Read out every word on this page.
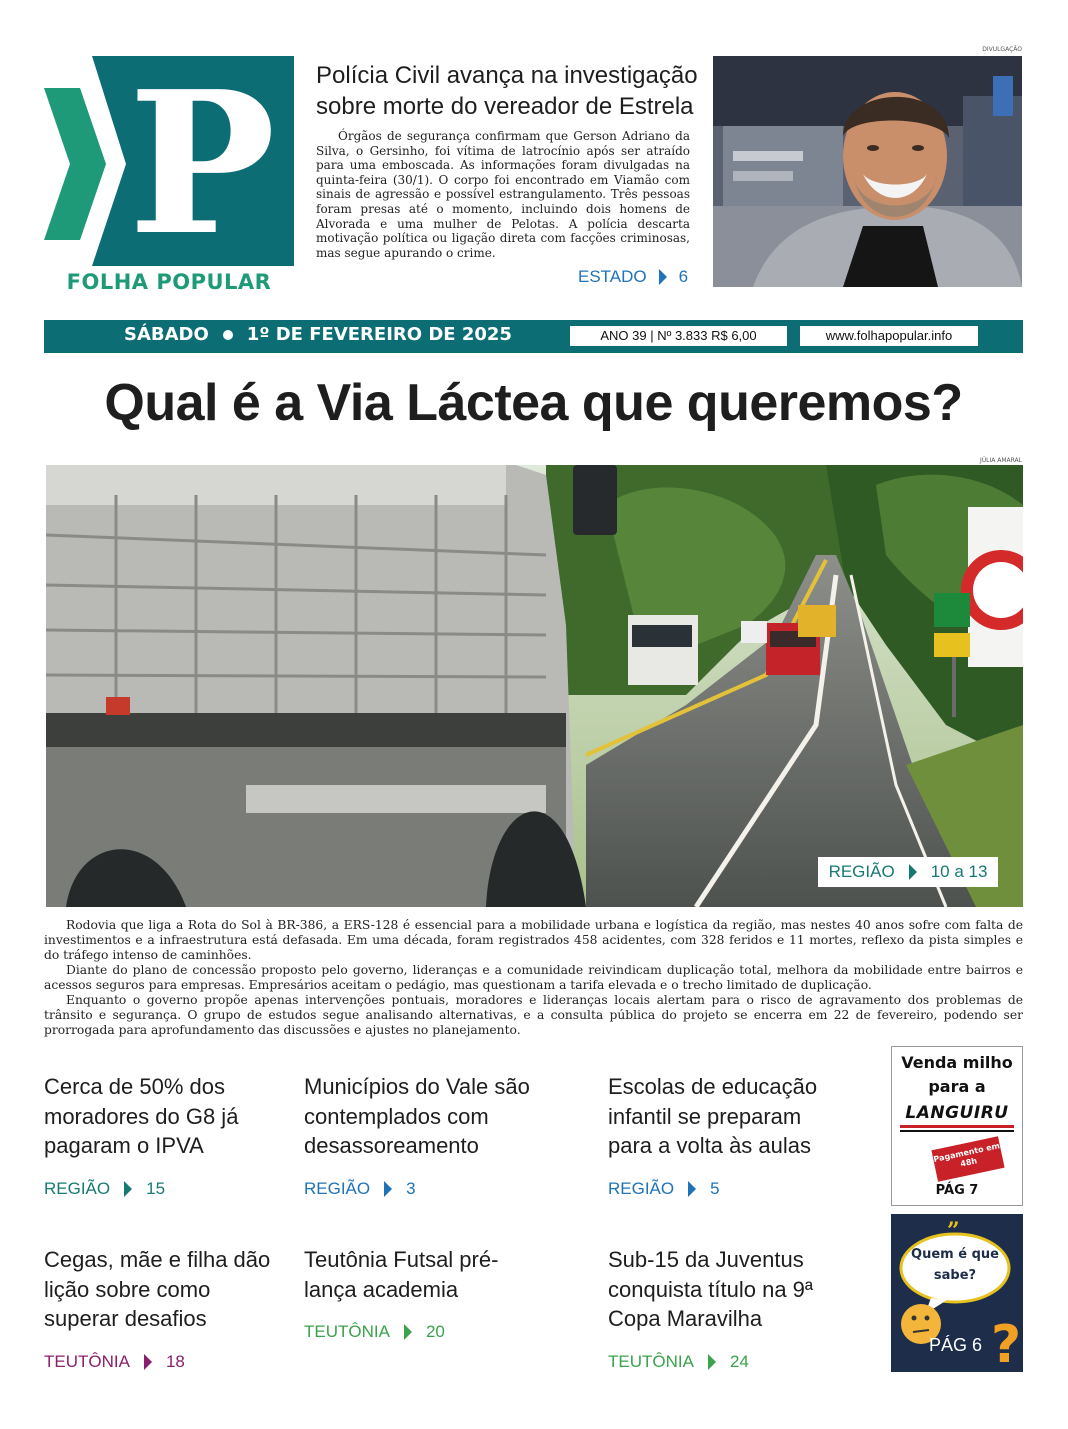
P
FOLHA POPULAR
Polícia Civil avança na investigação sobre morte do vereador de Estrela
Órgãos de segurança confirmam que Gerson Adriano da Silva, o Gersinho, foi vítima de latrocínio após ser atraído para uma emboscada. As informações foram divulgadas na quinta-feira (30/1). O corpo foi encontrado em Viamão com sinais de agressão e possível estrangulamento. Três pessoas foram presas até o momento, incluindo dois homens de Alvorada e uma mulher de Pelotas. A polícia descarta motivação política ou ligação direta com facções criminosas, mas segue apurando o crime.
ESTADO 6
DIVULGAÇÃO
SÁBADO 1º DE FEVEREIRO DE 2025	ANO 39 | Nº 3.833 R$ 6,00	www.folhapopular.info
Qual é a Via Láctea que queremos?
JÚLIA AMARAL
REGIÃO 10 a 13

Rodovia que liga a Rota do Sol à BR-386, a ERS-128 é essencial para a mobilidade urbana e logística da região, mas nestes 40 anos sofre com falta de investimentos e a infraestrutura está defasada. Em uma década, foram registrados 458 acidentes, com 328 feridos e 11 mortes, reflexo da pista simples e do tráfego intenso de caminhões.

Diante do plano de concessão proposto pelo governo, lideranças e a comunidade reivindicam duplicação total, melhora da mobilidade entre bairros e acessos seguros para empresas. Empresários aceitam o pedágio, mas questionam a tarifa elevada e o trecho limitado de duplicação.

Enquanto o governo propõe apenas intervenções pontuais, moradores e lideranças locais alertam para o risco de agravamento dos problemas de trânsito e segurança. O grupo de estudos segue analisando alternativas, e a consulta pública do projeto se encerra em 22 de fevereiro, podendo ser prorrogada para aprofundamento das discussões e ajustes no planejamento.

Cerca de 50% dos moradores do G8 já pagaram o IPVA
REGIÃO 15
Municípios do Vale são contemplados com desassoreamento
REGIÃO 3
Escolas de educação infantil se preparam para a volta às aulas
REGIÃO 5
Cegas, mãe e filha dão lição sobre como superar desafios
TEUTÔNIA 18
Teutônia Futsal pré-lança academia
TEUTÔNIA 20
Sub-15 da Juventus conquista título na 9ª Copa Maravilha
TEUTÔNIA 24
Venda milho
para a
LANGUIRU
Pagamento em 48h
PÁG 7
”
?
Quem é que sabe?
PÁG 6
